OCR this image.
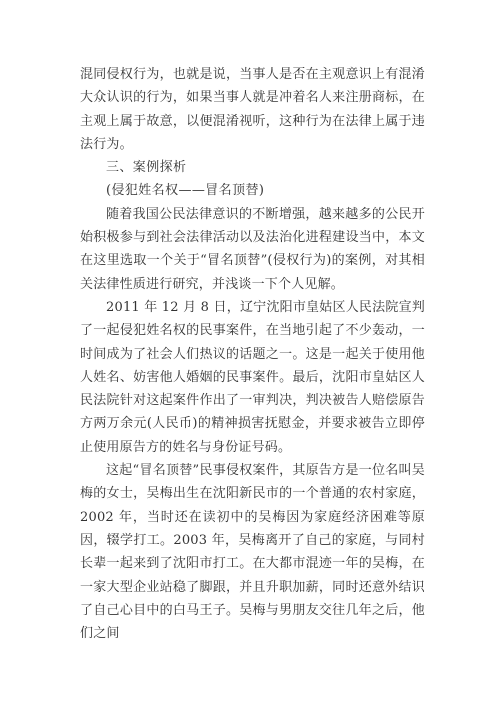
混同侵权行为，也就是说，当事人是否在主观意识上有混淆大众认识的行为，如果当事人就是冲着名人来注册商标，在主观上属于故意，以便混淆视听，这种行为在法律上属于违法行为。

三、案例探析

(侵犯姓名权——冒名顶替)

随着我国公民法律意识的不断增强，越来越多的公民开始积极参与到社会法律活动以及法治化进程建设当中，本文在这里选取一个关于“冒名顶替”(侵权行为)的案例，对其相关法律性质进行研究，并浅谈一下个人见解。

2011 年 12 月 8 日，辽宁沈阳市皇姑区人民法院宣判了一起侵犯姓名权的民事案件，在当地引起了不少轰动，一时间成为了社会人们热议的话题之一。这是一起关于使用他人姓名、妨害他人婚姻的民事案件。最后，沈阳市皇姑区人民法院针对这起案件作出了一审判决，判决被告人赔偿原告方两万余元(人民币)的精神损害抚慰金，并要求被告立即停止使用原告方的姓名与身份证号码。

这起“冒名顶替”民事侵权案件，其原告方是一位名叫吴梅的女士，吴梅出生在沈阳新民市的一个普通的农村家庭，2002 年，当时还在读初中的吴梅因为家庭经济困难等原因，辍学打工。2003 年，吴梅离开了自己的家庭，与同村长辈一起来到了沈阳市打工。在大都市混迹一年的吴梅，在一家大型企业站稳了脚跟，并且升职加薪，同时还意外结识了自己心目中的白马王子。吴梅与男朋友交往几年之后，他们之间
